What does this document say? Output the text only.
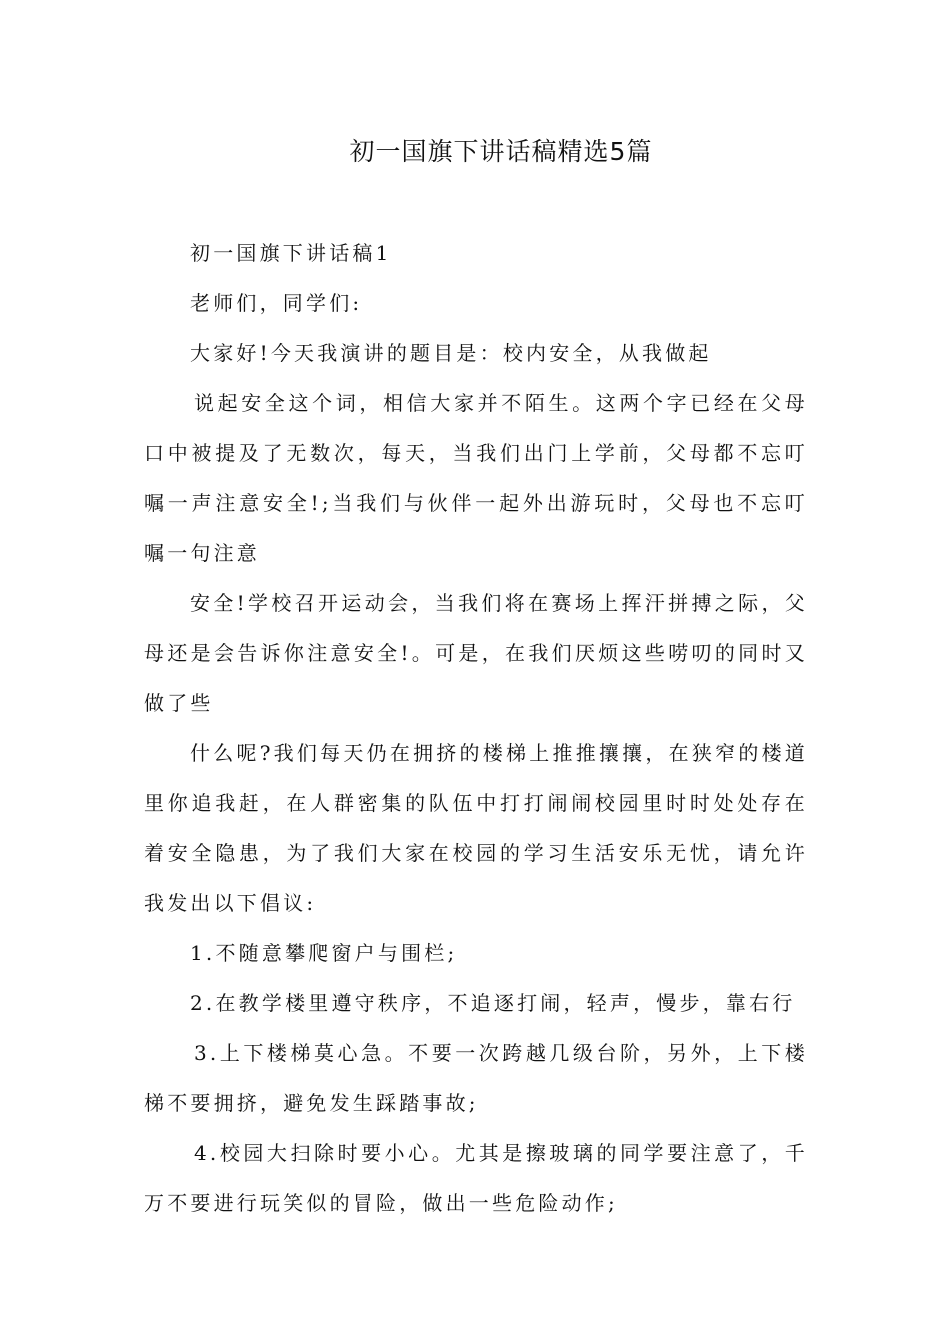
初一国旗下讲话稿精选5篇

初一国旗下讲话稿1

老师们，同学们:

大家好!今天我演讲的题目是：校内安全，从我做起

说起安全这个词，相信大家并不陌生。这两个字已经在父母口中被提及了无数次，每天，当我们出门上学前，父母都不忘叮嘱一声注意安全!;当我们与伙伴一起外出游玩时，父母也不忘叮嘱一句注意

安全!学校召开运动会，当我们将在赛场上挥汗拼搏之际，父母还是会告诉你注意安全!。可是，在我们厌烦这些唠叨的同时又做了些

什么呢?我们每天仍在拥挤的楼梯上推推攘攘，在狭窄的楼道里你追我赶，在人群密集的队伍中打打闹闹校园里时时处处存在着安全隐患，为了我们大家在校园的学习生活安乐无忧，请允许我发出以下倡议:

1.不随意攀爬窗户与围栏;

2.在教学楼里遵守秩序，不追逐打闹，轻声，慢步，靠右行

3.上下楼梯莫心急。不要一次跨越几级台阶，另外，上下楼梯不要拥挤，避免发生踩踏事故;

4.校园大扫除时要小心。尤其是擦玻璃的同学要注意了，千万不要进行玩笑似的冒险，做出一些危险动作;
